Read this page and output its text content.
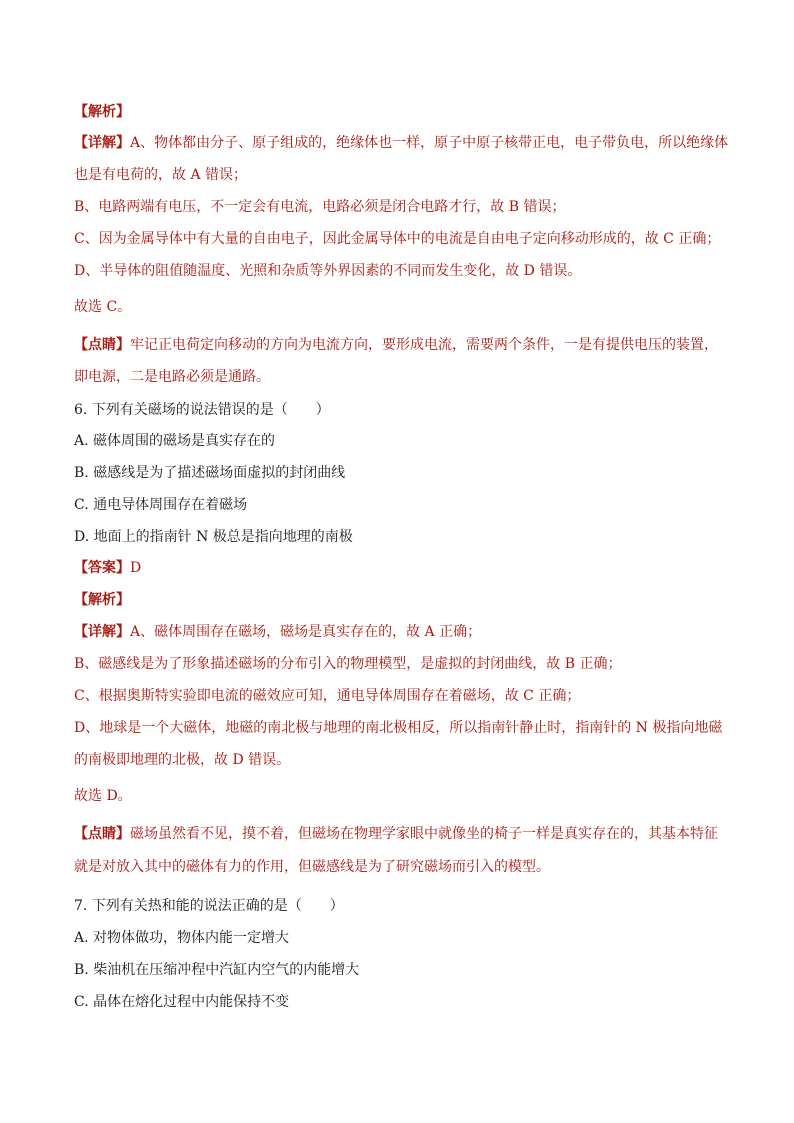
【解析】
【详解】A、物体都由分子、原子组成的，绝缘体也一样，原子中原子核带正电，电子带负电，所以绝缘体
也是有电荷的，故 A 错误；
B、电路两端有电压，不一定会有电流，电路必须是闭合电路才行，故 B 错误；
C、因为金属导体中有大量的自由电子，因此金属导体中的电流是自由电子定向移动形成的，故 C 正确；
D、半导体的阻值随温度、光照和杂质等外界因素的不同而发生变化，故 D 错误。
故选 C。
【点睛】牢记正电荷定向移动的方向为电流方向，要形成电流，需要两个条件，一是有提供电压的装置，
即电源，二是电路必须是通路。
6. 下列有关磁场的说法错误的是（　　）
A. 磁体周围的磁场是真实存在的
B. 磁感线是为了描述磁场面虚拟的封闭曲线
C. 通电导体周围存在着磁场
D. 地面上的指南针 N 极总是指向地理的南极
【答案】D
【解析】
【详解】A、磁体周围存在磁场，磁场是真实存在的，故 A 正确；
B、磁感线是为了形象描述磁场的分布引入的物理模型，是虚拟的封闭曲线，故 B 正确；
C、根据奥斯特实验即电流的磁效应可知，通电导体周围存在着磁场，故 C 正确；
D、地球是一个大磁体，地磁的南北极与地理的南北极相反，所以指南针静止时，指南针的 N 极指向地磁
的南极即地理的北极，故 D 错误。
故选 D。
【点睛】磁场虽然看不见，摸不着，但磁场在物理学家眼中就像坐的椅子一样是真实存在的，其基本特征
就是对放入其中的磁体有力的作用，但磁感线是为了研究磁场而引入的模型。
7. 下列有关热和能的说法正确的是（　　）
A. 对物体做功，物体内能一定增大
B. 柴油机在压缩冲程中汽缸内空气的内能增大
C. 晶体在熔化过程中内能保持不变
